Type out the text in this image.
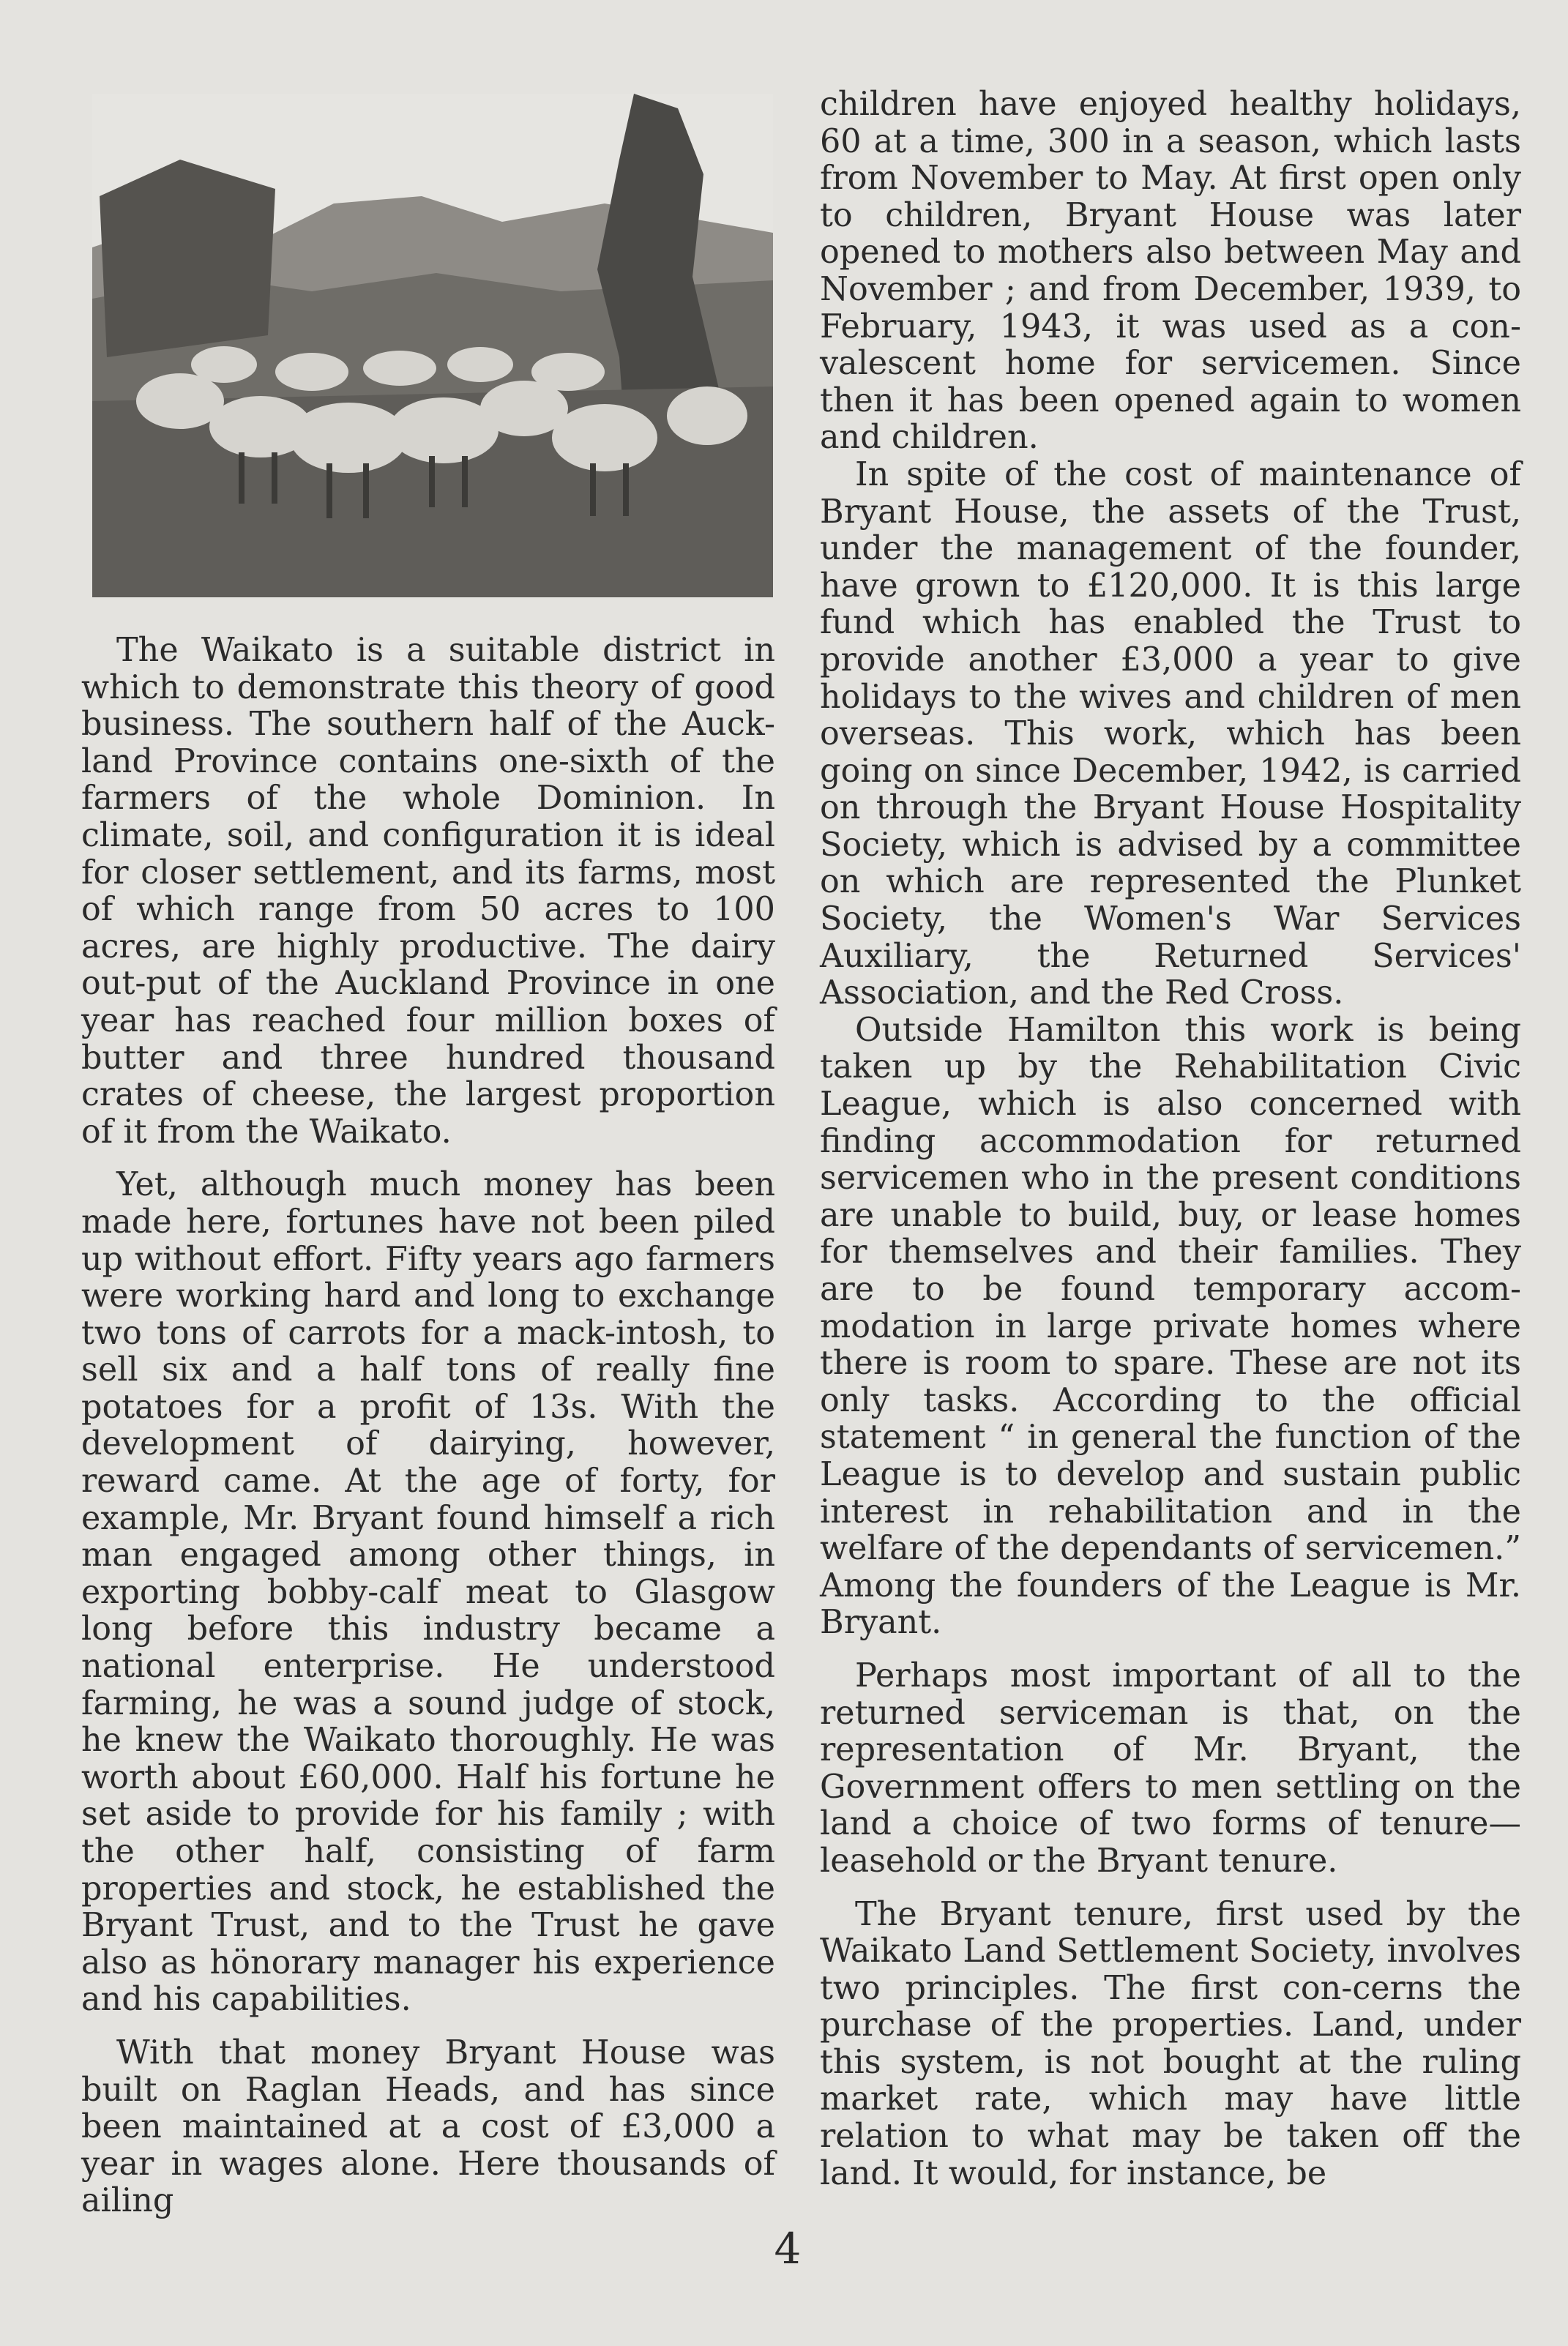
The Waikato is a suitable district in which to demonstrate this theory of good business. The southern half of the Auck-land Province contains one-sixth of the farmers of the whole Dominion. In climate, soil, and configuration it is ideal for closer settlement, and its farms, most of which range from 50 acres to 100 acres, are highly productive. The dairy out-put of the Auckland Province in one year has reached four million boxes of butter and three hundred thousand crates of cheese, the largest proportion of it from the Waikato.

Yet, although much money has been made here, fortunes have not been piled up without effort. Fifty years ago farmers were working hard and long to exchange two tons of carrots for a mack-intosh, to sell six and a half tons of really fine potatoes for a profit of 13s. With the development of dairying, however, reward came. At the age of forty, for example, Mr. Bryant found himself a rich man engaged among other things, in exporting bobby-calf meat to Glasgow long before this industry became a national enterprise. He understood farming, he was a sound judge of stock, he knew the Waikato thoroughly. He was worth about £60,000. Half his fortune he set aside to provide for his family ; with the other half, consisting of farm properties and stock, he established the Bryant Trust, and to the Trust he gave also as hönorary manager his experience and his capabilities.

With that money Bryant House was built on Raglan Heads, and has since been maintained at a cost of £3,000 a year in wages alone. Here thousands of ailing

children have enjoyed healthy holidays, 60 at a time, 300 in a season, which lasts from November to May. At first open only to children, Bryant House was later opened to mothers also between May and November ; and from December, 1939, to February, 1943, it was used as a con-valescent home for servicemen. Since then it has been opened again to women and children.

In spite of the cost of maintenance of Bryant House, the assets of the Trust, under the management of the founder, have grown to £120,000. It is this large fund which has enabled the Trust to provide another £3,000 a year to give holidays to the wives and children of men overseas. This work, which has been going on since December, 1942, is carried on through the Bryant House Hospitality Society, which is advised by a committee on which are represented the Plunket Society, the Women's War Services Auxiliary, the Returned Services' Association, and the Red Cross.

Outside Hamilton this work is being taken up by the Rehabilitation Civic League, which is also concerned with finding accommodation for returned servicemen who in the present conditions are unable to build, buy, or lease homes for themselves and their families. They are to be found temporary accom-modation in large private homes where there is room to spare. These are not its only tasks. According to the official statement “ in general the function of the League is to develop and sustain public interest in rehabilitation and in the welfare of the dependants of servicemen.” Among the founders of the League is Mr. Bryant.

Perhaps most important of all to the returned serviceman is that, on the representation of Mr. Bryant, the Government offers to men settling on the land a choice of two forms of tenure—leasehold or the Bryant tenure.

The Bryant tenure, first used by the Waikato Land Settlement Society, involves two principles. The first con-cerns the purchase of the properties. Land, under this system, is not bought at the ruling market rate, which may have little relation to what may be taken off the land. It would, for instance, be

4
